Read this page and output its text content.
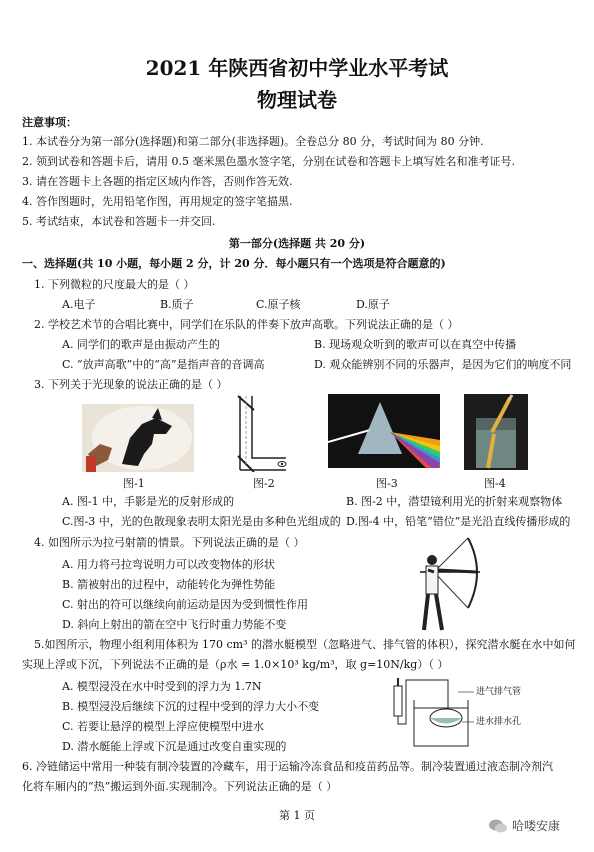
2021 年陕西省初中学业水平考试
物理试卷
注意事项：
1. 本试卷分为第一部分(选择题)和第二部分(非选择题)。全卷总分 80 分，考试时间为 80 分钟.
2. 领到试卷和答题卡后，请用 0.5 毫米黑色墨水签字笔，分别在试卷和答题卡上填写姓名和准考证号.
3. 请在答题卡上各题的指定区域内作答，否则作答无效.
4. 答作图题时，先用铅笔作图，再用规定的签字笔描黑.
5. 考试结束，本试卷和答题卡一并交回.
第一部分(选择题 共 20 分)
一、选择题(共 10 小题，每小题 2 分，计 20 分．每小题只有一个选项是符合题意的)
1. 下列微粒的尺度最大的是（ ）
A.电子	B.质子	C.原子核	D.原子
2. 学校艺术节的合唱比赛中，同学们在乐队的伴奏下放声高歌。下列说法正确的是（ ）
A. 同学们的歌声是由振动产生的	B. 现场观众听到的歌声可以在真空中传播
C. “放声高歌”中的“高”是指声音的音调高	D. 观众能辨别不同的乐器声，是因为它们的响度不同
3. 下列关于光现象的说法正确的是（ ）
图-1	图-2	图-3	图-4
A. 图-1 中，手影是光的反射形成的	B. 图-2 中，潜望镜利用光的折射来观察物体
C.图-3 中，光的色散现象表明太阳光是由多种色光组成的 D.图-4 中，铅笔“错位”是光沿直线传播形成的
4. 如图所示为拉弓射箭的情景。下列说法正确的是（ ）
A. 用力将弓拉弯说明力可以改变物体的形状
B. 箭被射出的过程中，动能转化为弹性势能
C. 射出的符可以继续向前运动是因为受到惯性作用
D. 斜向上射出的箭在空中飞行时重力势能不变
5.如图所示，物理小组利用体积为 170 cm³ 的潜水艇模型（忽略进气、排气管的体积），探究潜水艇在水中如何
实现上浮或下沉，下列说法不正确的是（ρ水 = 1.0×10³ kg/m³，取 g=10N/kg）（ ）
A. 模型浸没在水中时受到的浮力为 1.7N
B. 模型浸没后继续下沉的过程中受到的浮力大小不变
C. 若要让悬浮的模型上浮应使模型中进水
D. 潜水艇能上浮或下沉是通过改变自重实现的
进气排气管
进水排水孔
6. 冷链储运中常用一种装有制冷装置的冷藏车，用于运输冷冻食品和疫苗药品等。制冷装置通过液态制冷剂汽
化将车厢内的“热”搬运到外面.实现制冷。下列说法正确的是（ ）
第 1 页
哈喽安康
